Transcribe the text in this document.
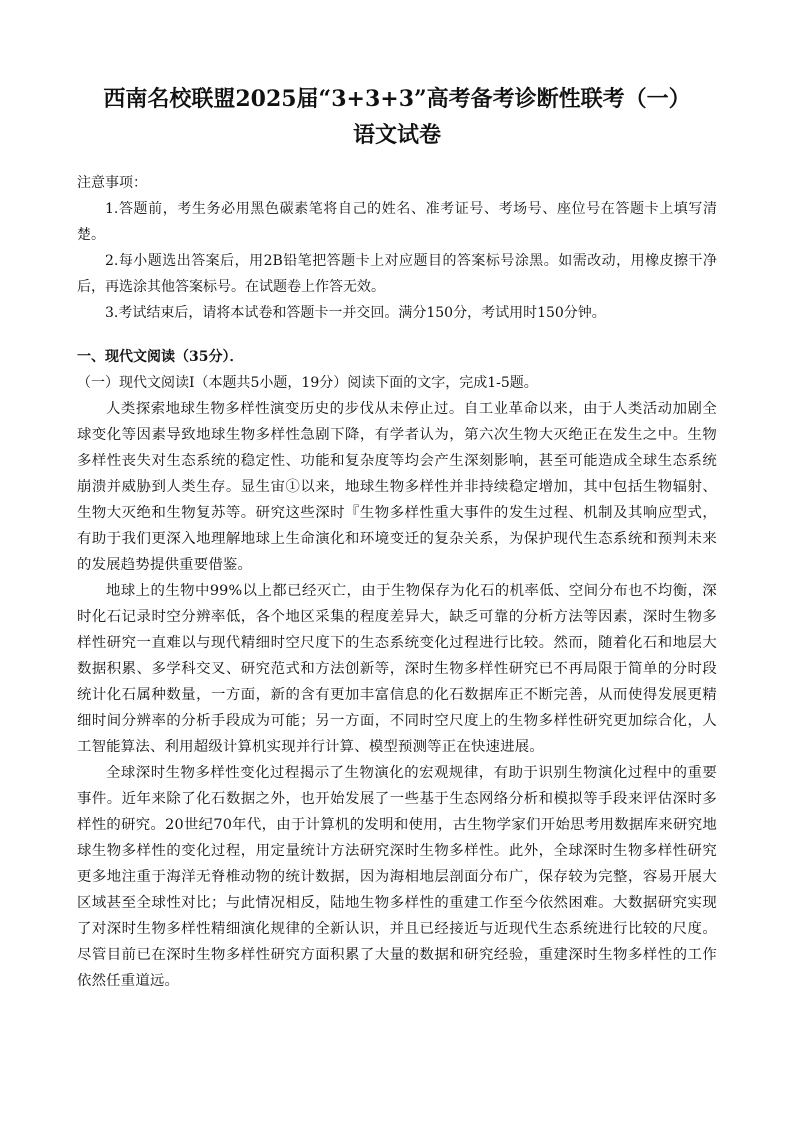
西南名校联盟2025届“3+3+3”高考备考诊断性联考（一）
语文试卷

注意事项：

1.答题前，考生务必用黑色碳素笔将自己的姓名、准考证号、考场号、座位号在答题卡上填写清楚。

2.每小题选出答案后，用2B铅笔把答题卡上对应题目的答案标号涂黑。如需改动，用橡皮擦干净后，再选涂其他答案标号。在试题卷上作答无效。

3.考试结束后，请将本试卷和答题卡一并交回。满分150分，考试用时150分钟。

一、现代文阅读（35分）．

（一）现代文阅读Ⅰ（本题共5小题，19分）阅读下面的文字，完成1-5题。

人类探索地球生物多样性演变历史的步伐从未停止过。自工业革命以来，由于人类活动加剧全球变化等因素导致地球生物多样性急剧下降，有学者认为，第六次生物大灭绝正在发生之中。生物多样性丧失对生态系统的稳定性、功能和复杂度等均会产生深刻影响，甚至可能造成全球生态系统崩溃并威胁到人类生存。显生宙①以来，地球生物多样性并非持续稳定增加，其中包括生物辐射、生物大灭绝和生物复苏等。研究这些深时『生物多样性重大事件的发生过程、机制及其响应型式，有助于我们更深入地理解地球上生命演化和环境变迁的复杂关系，为保护现代生态系统和预判未来的发展趋势提供重要借鉴。

地球上的生物中99%以上都已经灭亡，由于生物保存为化石的机率低、空间分布也不均衡，深时化石记录时空分辨率低，各个地区采集的程度差异大，缺乏可靠的分析方法等因素，深时生物多样性研究一直难以与现代精细时空尺度下的生态系统变化过程进行比较。然而，随着化石和地层大数据积累、多学科交叉、研究范式和方法创新等，深时生物多样性研究已不再局限于简单的分时段统计化石属种数量，一方面，新的含有更加丰富信息的化石数据库正不断完善，从而使得发展更精细时间分辨率的分析手段成为可能；另一方面，不同时空尺度上的生物多样性研究更加综合化，人工智能算法、利用超级计算机实现并行计算、模型预测等正在快速进展。

全球深时生物多样性变化过程揭示了生物演化的宏观规律，有助于识别生物演化过程中的重要事件。近年来除了化石数据之外，也开始发展了一些基于生态网络分析和模拟等手段来评估深时多样性的研究。20世纪70年代，由于计算机的发明和使用，古生物学家们开始思考用数据库来研究地球生物多样性的变化过程，用定量统计方法研究深时生物多样性。此外，全球深时生物多样性研究更多地注重于海洋无脊椎动物的统计数据，因为海相地层剖面分布广，保存较为完整，容易开展大区域甚至全球性对比；与此情况相反，陆地生物多样性的重建工作至今依然困难。大数据研究实现了对深时生物多样性精细演化规律的全新认识，并且已经接近与近现代生态系统进行比较的尺度。尽管目前已在深时生物多样性研究方面积累了大量的数据和研究经验，重建深时生物多样性的工作依然任重道远。
